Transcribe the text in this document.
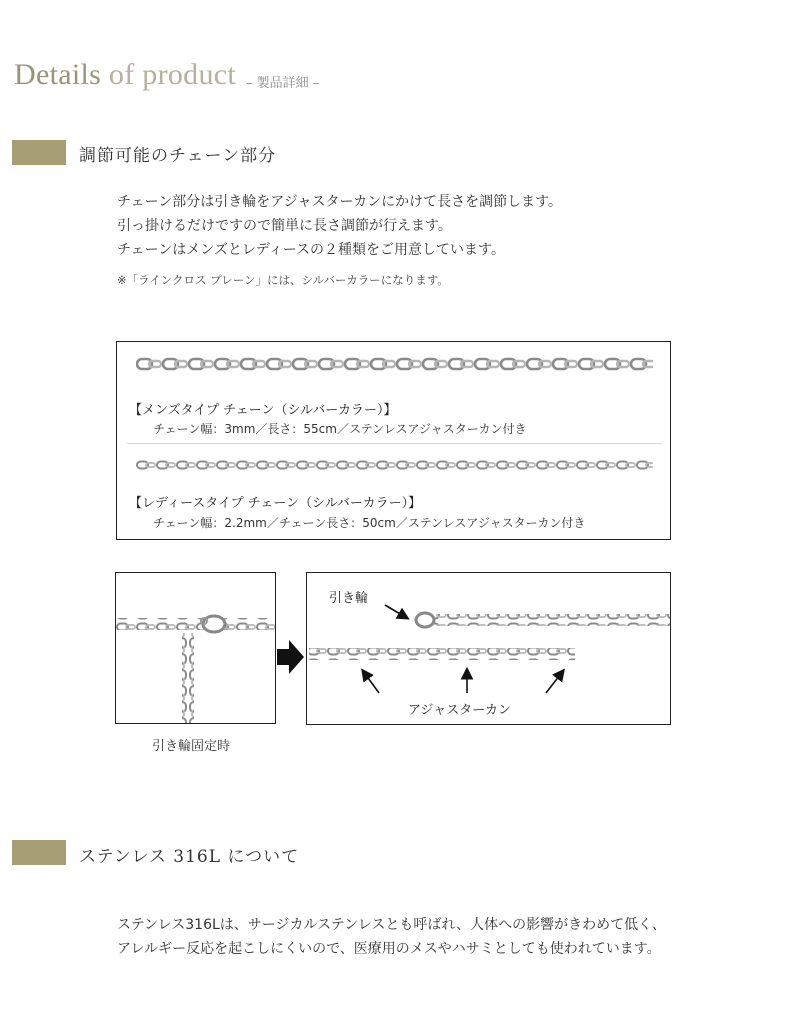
Details of product – 製品詳細 –
調節可能のチェーン部分
チェーン部分は引き輪をアジャスターカンにかけて長さを調節します。
引っ掛けるだけですので簡単に長さ調節が行えます。
チェーンはメンズとレディースの２種類をご用意しています。
※「ラインクロス プレーン」には、シルバーカラーになります。
【メンズタイプ チェーン（シルバーカラー）】
チェーン幅：3mm／長さ：55cm／ステンレスアジャスターカン付き
【レディースタイプ チェーン（シルバーカラー）】
チェーン幅：2.2mm／チェーン長さ：50cm／ステンレスアジャスターカン付き
引き輪固定時
引き輪
アジャスターカン
ステンレス 316L について
ステンレス316Lは、サージカルステンレスとも呼ばれ、人体への影響がきわめて低く、
アレルギー反応を起こしにくいので、医療用のメスやハサミとしても使われています。
